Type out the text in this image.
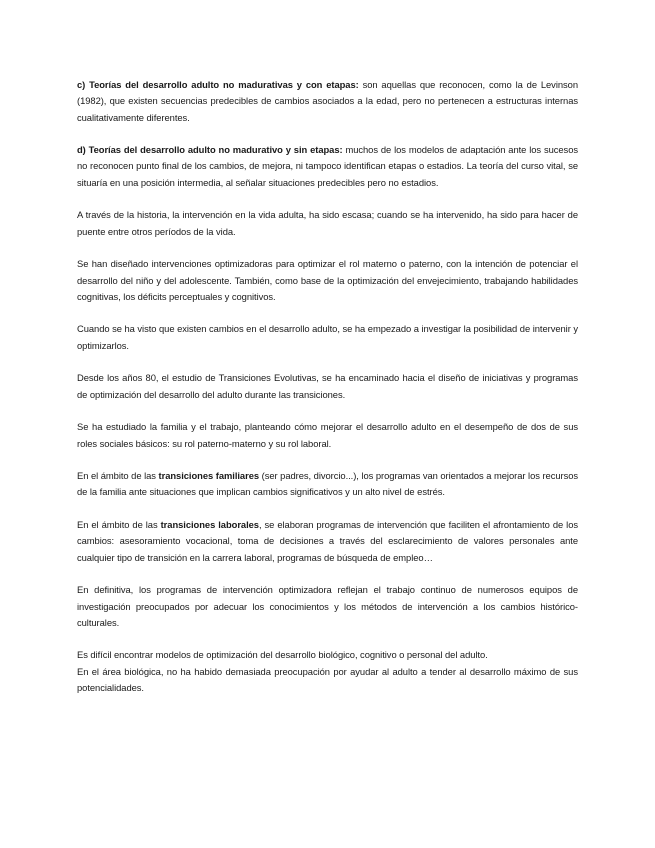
c) Teorías del desarrollo adulto no madurativas y con etapas: son aquellas que reconocen, como la de Levinson (1982), que existen secuencias predecibles de cambios asociados a la edad, pero no pertenecen a estructuras internas cualitativamente diferentes.

d) Teorías del desarrollo adulto no madurativo y sin etapas: muchos de los modelos de adaptación ante los sucesos no reconocen punto final de los cambios, de mejora, ni tampoco identifican etapas o estadios. La teoría del curso vital, se situaría en una posición intermedia, al señalar situaciones predecibles pero no estadios.

A través de la historia, la intervención en la vida adulta, ha sido escasa; cuando se ha intervenido, ha sido para hacer de puente entre otros períodos de la vida.

Se han diseñado intervenciones optimizadoras para optimizar el rol materno o paterno, con la intención de potenciar el desarrollo del niño y del adolescente. También, como base de la optimización del envejecimiento, trabajando habilidades cognitivas, los déficits perceptuales y cognitivos.

Cuando se ha visto que existen cambios en el desarrollo adulto, se ha empezado a investigar la posibilidad de intervenir y optimizarlos.

Desde los años 80, el estudio de Transiciones Evolutivas, se ha encaminado hacia el diseño de iniciativas y programas de optimización del desarrollo del adulto durante las transiciones.

Se ha estudiado la familia y el trabajo, planteando cómo mejorar el desarrollo adulto en el desempeño de dos de sus roles sociales básicos: su rol paterno-materno y su rol laboral.

En el ámbito de las transiciones familiares (ser padres, divorcio...), los programas van orientados a mejorar los recursos de la familia ante situaciones que implican cambios significativos y un alto nivel de estrés.

En el ámbito de las transiciones laborales, se elaboran programas de intervención que faciliten el afrontamiento de los cambios: asesoramiento vocacional, toma de decisiones a través del esclarecimiento de valores personales ante cualquier tipo de transición en la carrera laboral, programas de búsqueda de empleo…

En definitiva, los programas de intervención optimizadora reflejan el trabajo continuo de numerosos equipos de investigación preocupados por adecuar los conocimientos y los métodos de intervención a los cambios histórico-culturales.

Es difícil encontrar modelos de optimización del desarrollo biológico, cognitivo o personal del adulto.

En el área biológica, no ha habido demasiada preocupación por ayudar al adulto a tender al desarrollo máximo de sus potencialidades.
